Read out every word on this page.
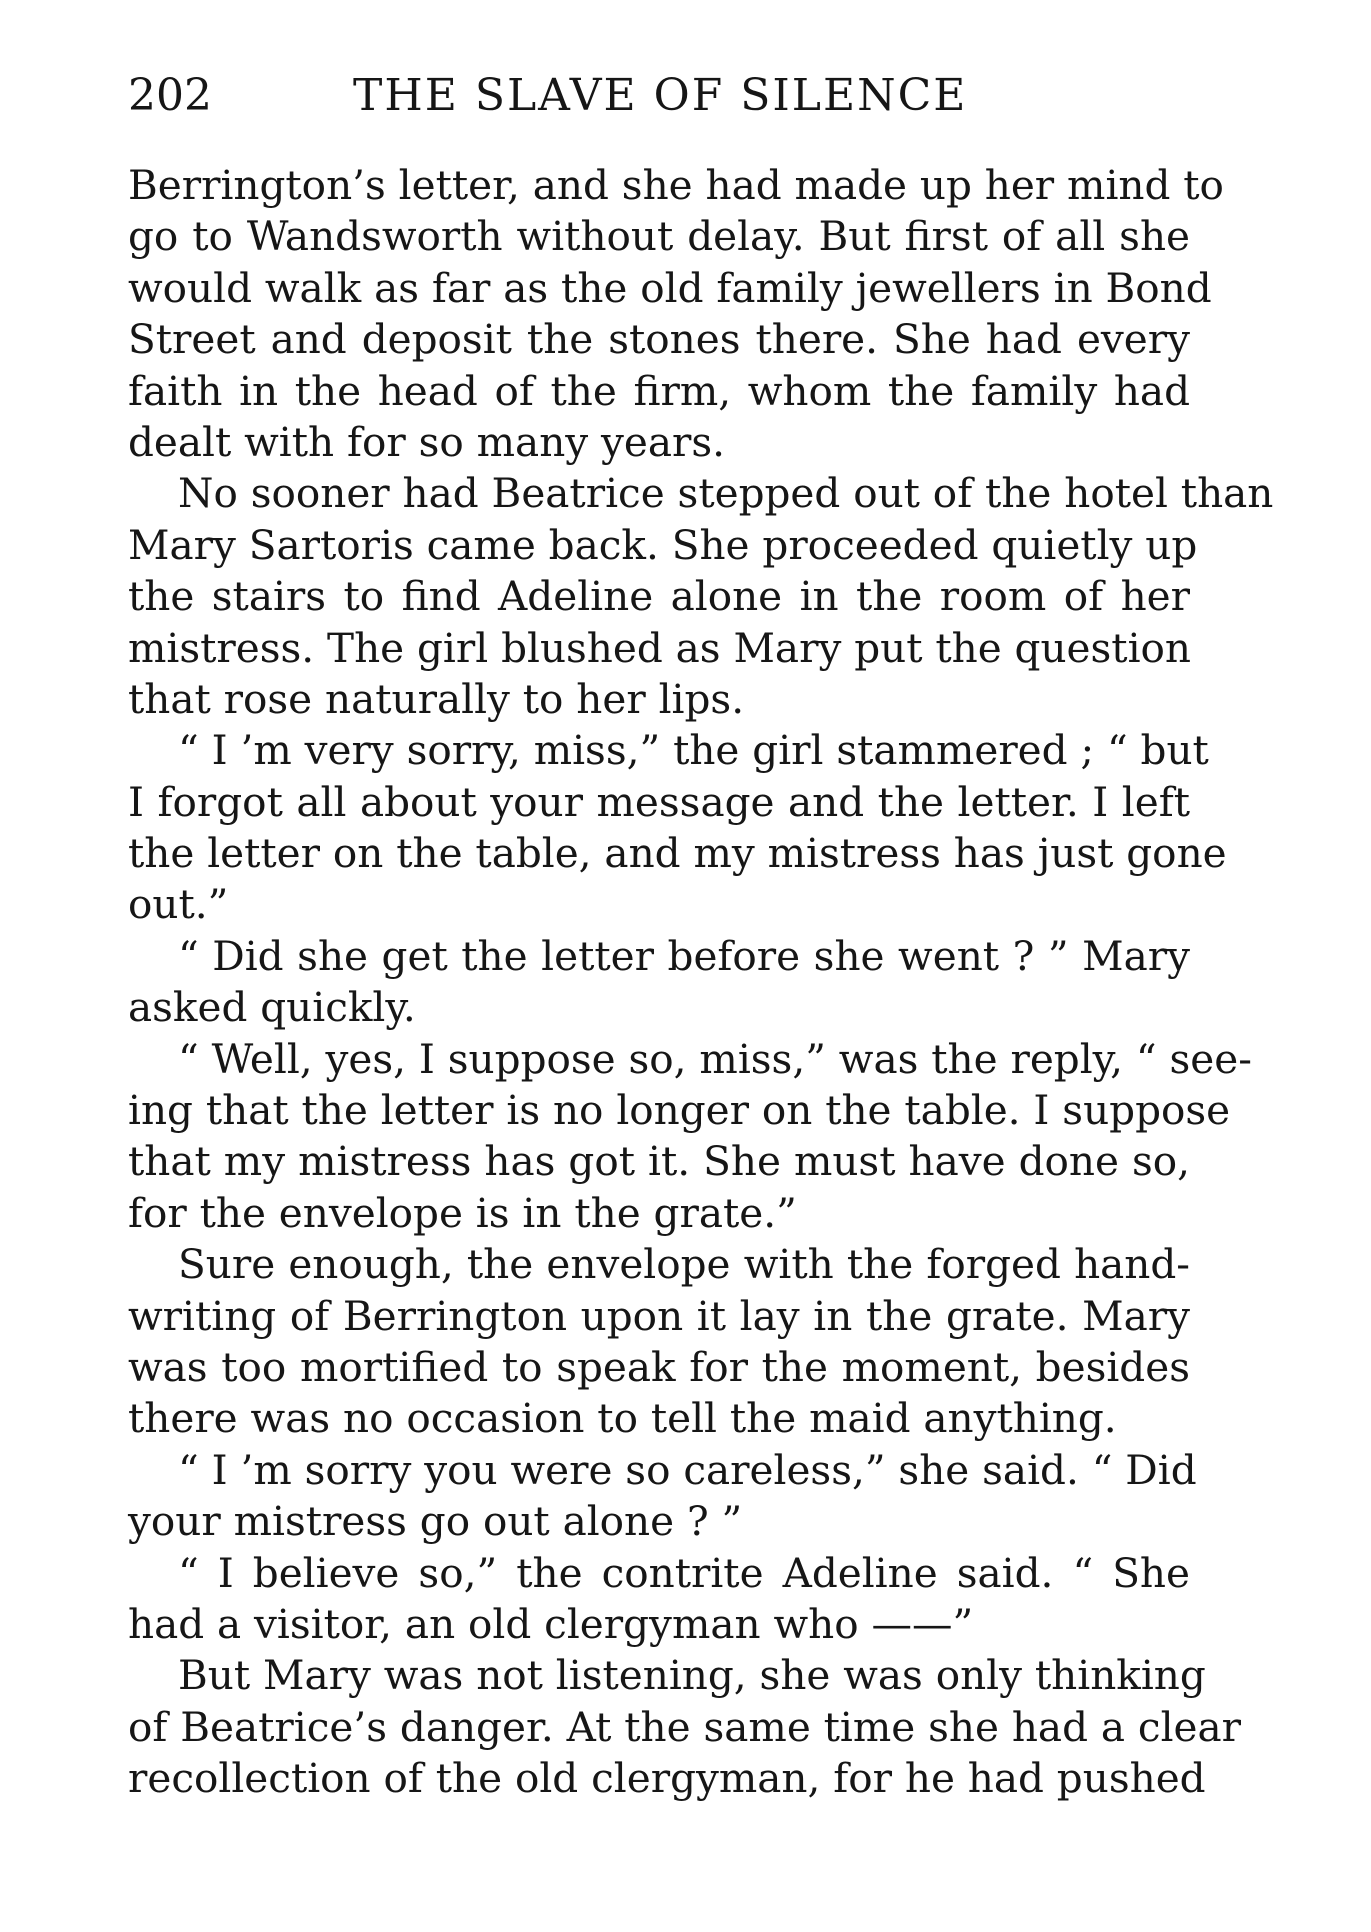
202	THE SLAVE OF SILENCE
Berrington’s letter, and she had made up her mind to
go to Wandsworth without delay. But first of all she
would walk as far as the old family jewellers in Bond
Street and deposit the stones there. She had every
faith in the head of the firm, whom the family had
dealt with for so many years.
No sooner had Beatrice stepped out of the hotel than
Mary Sartoris came back. She proceeded quietly up
the stairs to find Adeline alone in the room of her
mistress. The girl blushed as Mary put the question
that rose naturally to her lips.
“ I ’m very sorry, miss,” the girl stammered ; “ but
I forgot all about your message and the letter. I left
the letter on the table, and my mistress has just gone
out.”
“ Did she get the letter before she went ? ” Mary
asked quickly.
“ Well, yes, I suppose so, miss,” was the reply, “ see-
ing that the letter is no longer on the table. I suppose
that my mistress has got it. She must have done so,
for the envelope is in the grate.”
Sure enough, the envelope with the forged hand-
writing of Berrington upon it lay in the grate. Mary
was too mortified to speak for the moment, besides
there was no occasion to tell the maid anything.
“ I ’m sorry you were so careless,” she said. “ Did
your mistress go out alone ? ”
“ I believe so,” the contrite Adeline said. “ She
had a visitor, an old clergyman who ——”
But Mary was not listening, she was only thinking
of Beatrice’s danger. At the same time she had a clear
recollection of the old clergyman, for he had pushed
